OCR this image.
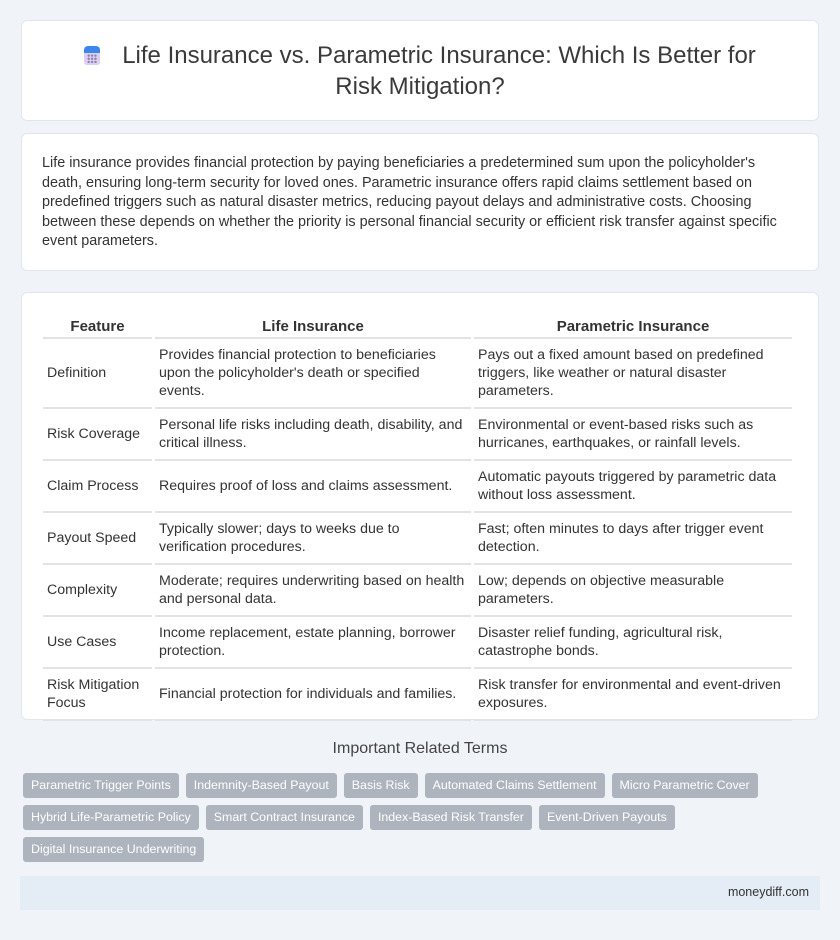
Life Insurance vs. Parametric Insurance: Which Is Better for Risk Mitigation?

Life insurance provides financial protection by paying beneficiaries a predetermined sum upon the policyholder's death, ensuring long-term security for loved ones. Parametric insurance offers rapid claims settlement based on predefined triggers such as natural disaster metrics, reducing payout delays and administrative costs. Choosing between these depends on whether the priority is personal financial security or efficient risk transfer against specific event parameters.

Feature	Life Insurance	Parametric Insurance
Definition	Provides financial protection to beneficiaries upon the policyholder's death or specified events.	Pays out a fixed amount based on predefined triggers, like weather or natural disaster parameters.
Risk Coverage	Personal life risks including death, disability, and critical illness.	Environmental or event-based risks such as hurricanes, earthquakes, or rainfall levels.
Claim Process	Requires proof of loss and claims assessment.	Automatic payouts triggered by parametric data without loss assessment.
Payout Speed	Typically slower; days to weeks due to verification procedures.	Fast; often minutes to days after trigger event detection.
Complexity	Moderate; requires underwriting based on health and personal data.	Low; depends on objective measurable parameters.
Use Cases	Income replacement, estate planning, borrower protection.	Disaster relief funding, agricultural risk, catastrophe bonds.
Risk Mitigation Focus	Financial protection for individuals and families.	Risk transfer for environmental and event-driven exposures.
Important Related Terms
Parametric Trigger Points	Indemnity-Based Payout	Basis Risk	Automated Claims Settlement	Micro Parametric Cover
Hybrid Life-Parametric Policy	Smart Contract Insurance	Index-Based Risk Transfer	Event-Driven Payouts
Digital Insurance Underwriting
moneydiff.com
